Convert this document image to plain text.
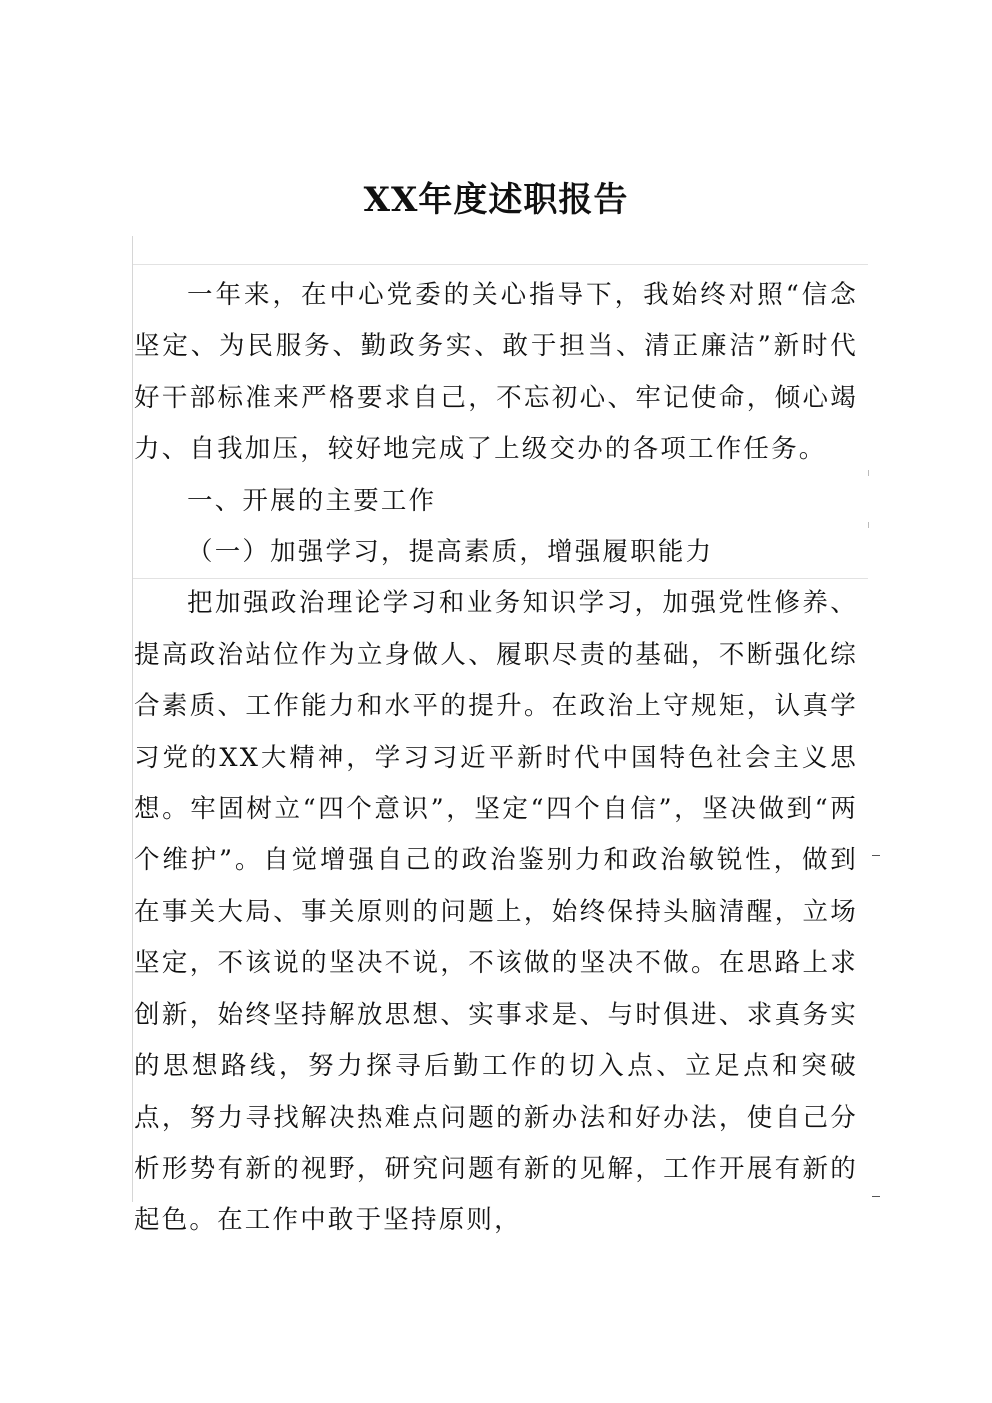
XX年度述职报告

一年来，在中心党委的关心指导下，我始终对照“信念坚定、为民服务、勤政务实、敢于担当、清正廉洁”新时代好干部标准来严格要求自己，不忘初心、牢记使命，倾心竭力、自我加压，较好地完成了上级交办的各项工作任务。

一、开展的主要工作

（一）加强学习，提高素质，增强履职能力

把加强政治理论学习和业务知识学习，加强党性修养、提高政治站位作为立身做人、履职尽责的基础，不断强化综合素质、工作能力和水平的提升。在政治上守规矩，认真学习党的XX大精神，学习习近平新时代中国特色社会主义思想。牢固树立“四个意识”，坚定“四个自信”，坚决做到“两个维护”。自觉增强自己的政治鉴别力和政治敏锐性，做到在事关大局、事关原则的问题上，始终保持头脑清醒，立场坚定，不该说的坚决不说，不该做的坚决不做。在思路上求创新，始终坚持解放思想、实事求是、与时俱进、求真务实的思想路线，努力探寻后勤工作的切入点、立足点和突破点，努力寻找解决热难点问题的新办法和好办法，使自己分析形势有新的视野，研究问题有新的见解，工作开展有新的起色。在工作中敢于坚持原则，
